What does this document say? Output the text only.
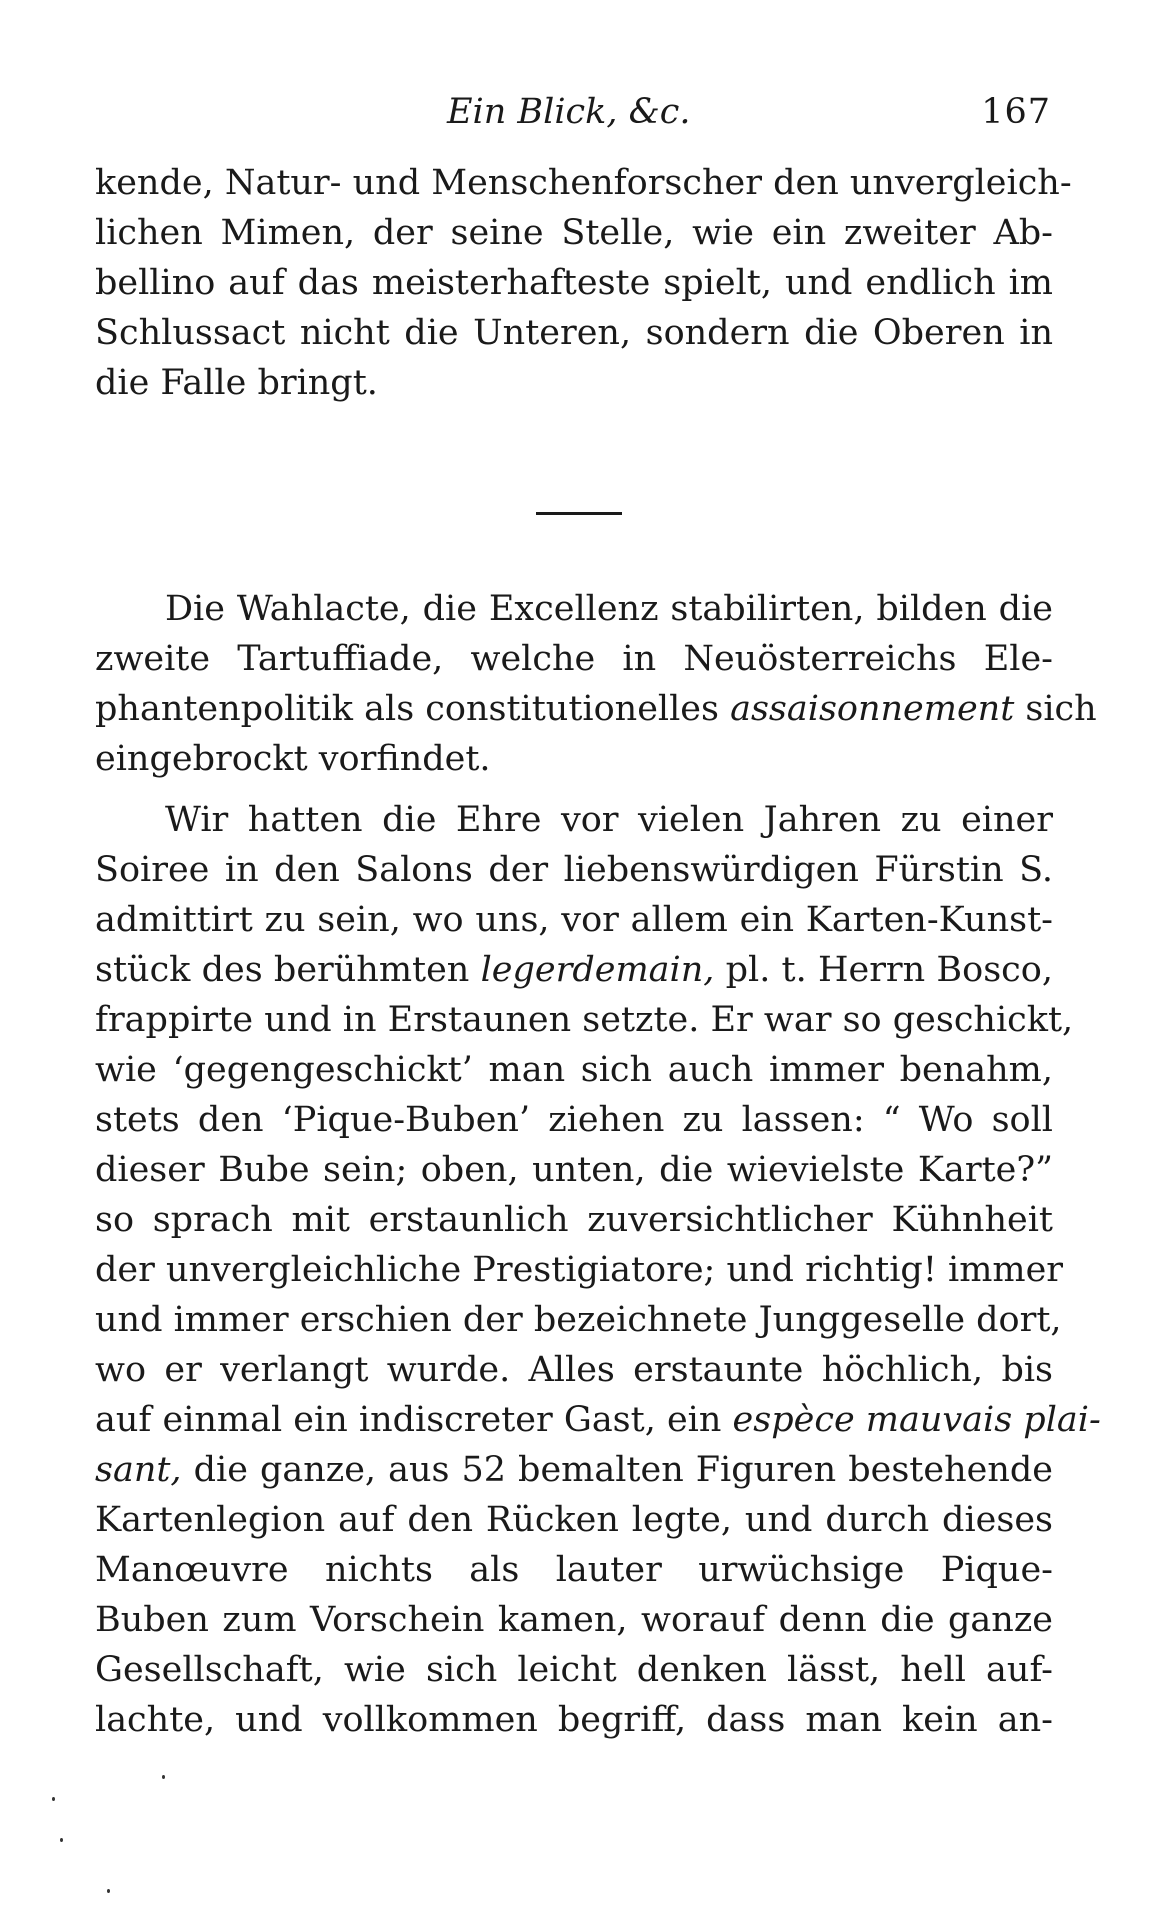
Ein Blick, &c.	167
kende, Natur- und Menschenforscher den unvergleich-
lichen Mimen, der seine Stelle, wie ein zweiter Ab-
bellino auf das meisterhafteste spielt, und endlich im
Schlussact nicht die Unteren, sondern die Oberen in
die Falle bringt.
Die Wahlacte, die Excellenz stabilirten, bilden die
zweite Tartuffiade, welche in Neuösterreichs Ele-
phantenpolitik als constitutionelles assaisonnement sich
eingebrockt vorfindet.
Wir hatten die Ehre vor vielen Jahren zu einer
Soiree in den Salons der liebenswürdigen Fürstin S.
admittirt zu sein, wo uns, vor allem ein Karten-Kunst-
stück des berühmten legerdemain, pl. t. Herrn Bosco,
frappirte und in Erstaunen setzte. Er war so geschickt,
wie ‘gegengeschickt’ man sich auch immer benahm,
stets den ‘Pique-Buben’ ziehen zu lassen: “ Wo soll
dieser Bube sein; oben, unten, die wievielste Karte?”
so sprach mit erstaunlich zuversichtlicher Kühnheit
der unvergleichliche Prestigiatore; und richtig! immer
und immer erschien der bezeichnete Junggeselle dort,
wo er verlangt wurde. Alles erstaunte höchlich, bis
auf einmal ein indiscreter Gast, ein espèce mauvais plai-
sant, die ganze, aus 52 bemalten Figuren bestehende
Kartenlegion auf den Rücken legte, und durch dieses
Manœuvre nichts als lauter urwüchsige Pique-
Buben zum Vorschein kamen, worauf denn die ganze
Gesellschaft, wie sich leicht denken lässt, hell auf-
lachte, und vollkommen begriff, dass man kein an-
